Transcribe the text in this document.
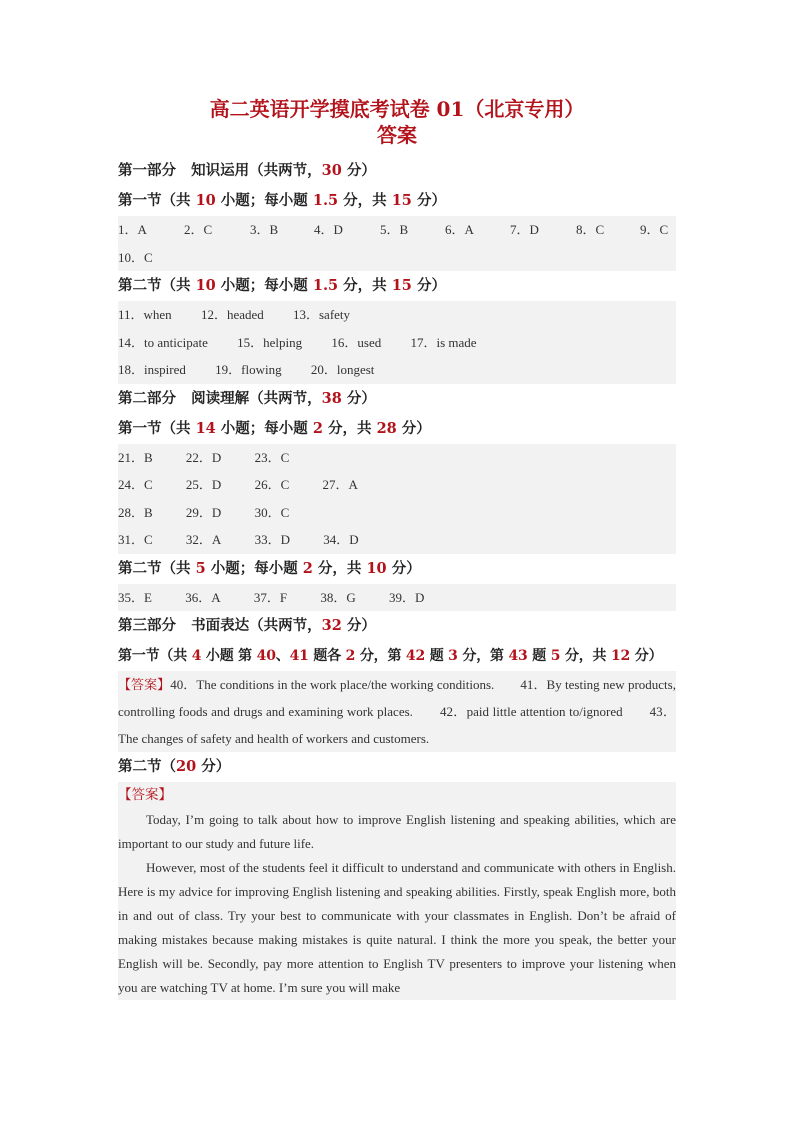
高二英语开学摸底考试卷 01（北京专用）
答案
第一部分 知识运用（共两节，30 分）
第一节（共 10 小题；每小题 1.5 分，共 15 分）
1．A	2．C	3．B	4．D	5．B	6．A	7．D	8．C	9．C
10．C
第二节（共 10 小题；每小题 1.5 分，共 15 分）
11．when 12．headed 13．safety
14．to anticipate 15．helping 16．used 17．is made
18．inspired 19．flowing 20．longest
第二部分 阅读理解（共两节，38 分）
第一节（共 14 小题；每小题 2 分，共 28 分）
21．B	22．D	23．C
24．C	25．D	26．C	27．A
28．B	29．D	30．C
31．C	32．A	33．D	34．D
第二节（共 5 小题；每小题 2 分，共 10 分）
35．E	36．A	37．F	38．G	39．D
第三部分 书面表达（共两节，32 分）
第一节（共 4 小题 第 40、41 题各 2 分，第 42 题 3 分，第 43 题 5 分，共 12 分）

【答案】40．The conditions in the work place/the working conditions.　　41．By testing new products, controlling foods and drugs and examining work places.　　42．paid little attention to/ignored　　43．The changes of safety and health of workers and customers.

第二节（20 分）

【答案】

Today, I’m going to talk about how to improve English listening and speaking abilities, which are important to our study and future life.

However, most of the students feel it difficult to understand and communicate with others in English. Here is my advice for improving English listening and speaking abilities. Firstly, speak English more, both in and out of class. Try your best to communicate with your classmates in English. Don’t be afraid of making mistakes because making mistakes is quite natural. I think the more you speak, the better your English will be. Secondly, pay more attention to English TV presenters to improve your listening when you are watching TV at home. I’m sure you will make
